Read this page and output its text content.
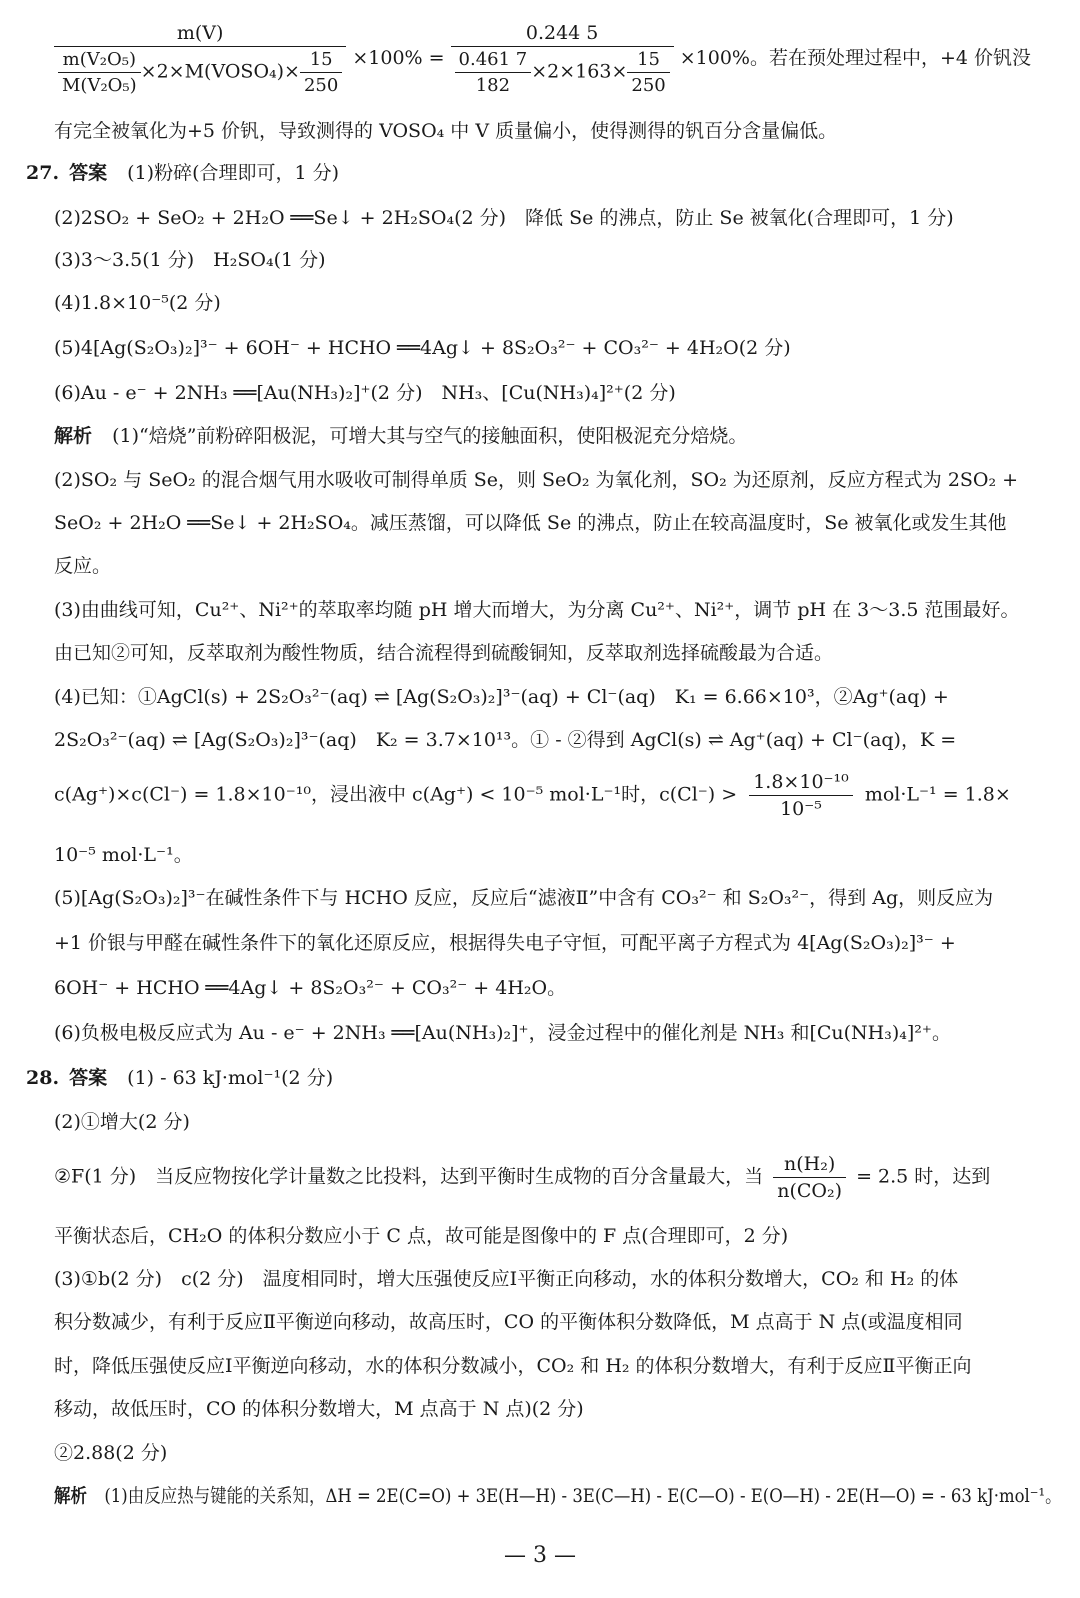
m(V)
$\frac{\text{m(V₂O₅)}}{\text{M(V₂O₅)}}$ ×2×M(VOSO₄)× $\frac{15}{250} \times 100\% = \frac{0.244 5}{\frac{0.461 7}{182} \times 2\times 163\times \frac{15}{250}} \times 100\%$。若在预处理过程中，+4 价钒没
有完全被氧化为+5 价钒，导致测得的 VOSO₄ 中 V 质量偏小，使得测得的钒百分含量偏低。
27. 答案 (1)粉碎(合理即可，1 分)
(2)2SO₂ + SeO₂ + 2H₂O ══Se↓ + 2H₂SO₄(2 分)　降低 Se 的沸点，防止 Se 被氧化(合理即可，1 分)
(3)3～3.5(1 分)　H₂SO₄(1 分)
(4)1.8×10⁻⁵(2 分)
(5)4[Ag(S₂O₃)₂]³⁻ + 6OH⁻ + HCHO ══4Ag↓ + 8S₂O₃²⁻ + CO₃²⁻ + 4H₂O(2 分)
(6)Au - e⁻ + 2NH₃ ══[Au(NH₃)₂]⁺(2 分)　NH₃、[Cu(NH₃)₄]²⁺(2 分)
解析 (1)“焙烧”前粉碎阳极泥，可增大其与空气的接触面积，使阳极泥充分焙烧。
(2)SO₂ 与 SeO₂ 的混合烟气用水吸收可制得单质 Se，则 SeO₂ 为氧化剂，SO₂ 为还原剂，反应方程式为 2SO₂ +
SeO₂ + 2H₂O ══Se↓ + 2H₂SO₄。减压蒸馏，可以降低 Se 的沸点，防止在较高温度时，Se 被氧化或发生其他
反应。
(3)由曲线可知，Cu²⁺、Ni²⁺的萃取率均随 pH 增大而增大，为分离 Cu²⁺、Ni²⁺，调节 pH 在 3～3.5 范围最好。
由已知②可知，反萃取剂为酸性物质，结合流程得到硫酸铜知，反萃取剂选择硫酸最为合适。
(4)已知：①AgCl(s) + 2S₂O₃²⁻(aq) ⇌ [Ag(S₂O₃)₂]³⁻(aq) + Cl⁻(aq)　K₁ = 6.66×10³，②Ag⁺(aq) +
2S₂O₃²⁻(aq) ⇌ [Ag(S₂O₃)₂]³⁻(aq)　K₂ = 3.7×10¹³。① - ②得到 AgCl(s) ⇌ Ag⁺(aq) + Cl⁻(aq)，K =
c(Ag⁺)×c(Cl⁻) = 1.8×10⁻¹⁰，浸出液中 c(Ag⁺) < 10⁻⁵ mol·L⁻¹时，$c(Cl^-) > \frac{\text{1.8×10⁻¹⁰}}{\text{10⁻⁵}} mol\cdot L^{-1} = 1.8\times$
10⁻⁵ mol·L⁻¹。
(5)[Ag(S₂O₃)₂]³⁻在碱性条件下与 HCHO 反应，反应后“滤液Ⅱ”中含有 CO₃²⁻ 和 S₂O₃²⁻，得到 Ag，则反应为
+1 价银与甲醛在碱性条件下的氧化还原反应，根据得失电子守恒，可配平离子方程式为 4[Ag(S₂O₃)₂]³⁻ +
6OH⁻ + HCHO ══4Ag↓ + 8S₂O₃²⁻ + CO₃²⁻ + 4H₂O。
(6)负极电极反应式为 Au - e⁻ + 2NH₃ ══[Au(NH₃)₂]⁺，浸金过程中的催化剂是 NH₃ 和[Cu(NH₃)₄]²⁺。
28. 答案 (1) - 63 kJ·mol⁻¹(2 分)
(2)①增大(2 分)
②F(1 分)　当反应物按化学计量数之比投料，达到平衡时生成物的百分含量最大，当 $\frac{\text{n(H₂)}}{\text{n(CO₂)}} = 2.5$ 时，达到
平衡状态后，CH₂O 的体积分数应小于 C 点，故可能是图像中的 F 点(合理即可，2 分)
(3)①b(2 分)　c(2 分)　温度相同时，增大压强使反应Ⅰ平衡正向移动，水的体积分数增大，CO₂ 和 H₂ 的体
积分数减少，有利于反应Ⅱ平衡逆向移动，故高压时，CO 的平衡体积分数降低，M 点高于 N 点(或温度相同
时，降低压强使反应Ⅰ平衡逆向移动，水的体积分数减小，CO₂ 和 H₂ 的体积分数增大，有利于反应Ⅱ平衡正向
移动，故低压时，CO 的体积分数增大，M 点高于 N 点)(2 分)
②2.88(2 分)
解析 (1)由反应热与键能的关系知，ΔH = 2E(C=O) + 3E(H—H) - 3E(C—H) - E(C—O) - E(O—H) - 2E(H—O) = - 63 kJ·mol⁻¹。
— 3 —
